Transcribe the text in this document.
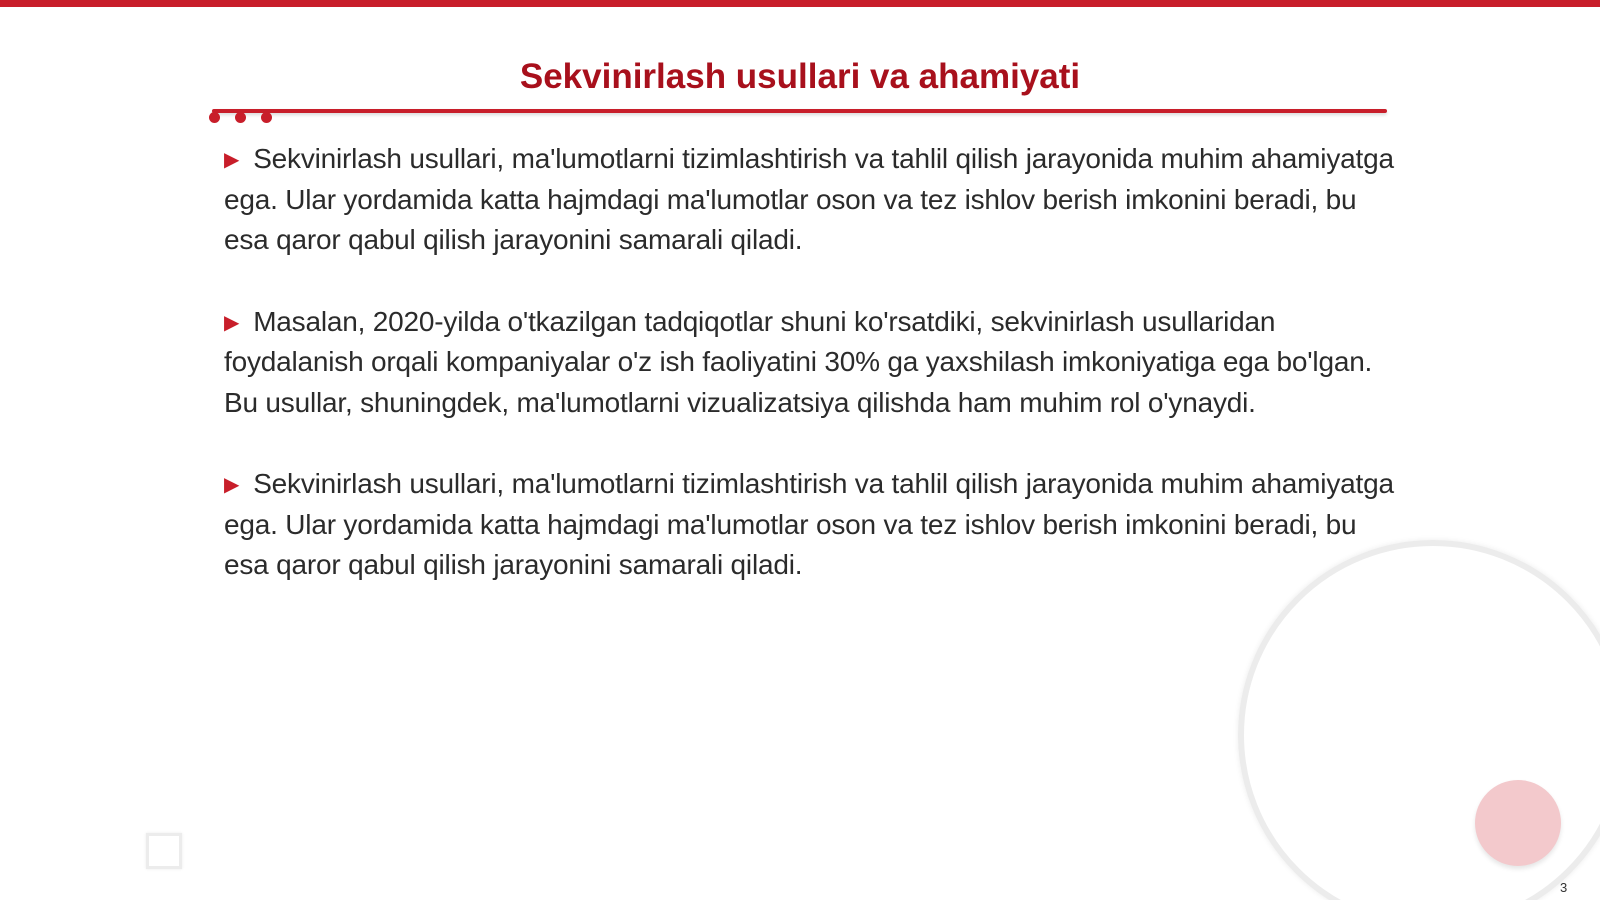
Sekvinirlash usullari va ahamiyati

▶ Sekvinirlash usullari, ma'lumotlarni tizimlashtirish va tahlil qilish jarayonida muhim ahamiyatga ega. Ular yordamida katta hajmdagi ma'lumotlar oson va tez ishlov berish imkonini beradi, bu esa qaror qabul qilish jarayonini samarali qiladi.

▶ Masalan, 2020-yilda o'tkazilgan tadqiqotlar shuni ko'rsatdiki, sekvinirlash usullaridan foydalanish orqali kompaniyalar o'z ish faoliyatini 30% ga yaxshilash imkoniyatiga ega bo'lgan. Bu usullar, shuningdek, ma'lumotlarni vizualizatsiya qilishda ham muhim rol o'ynaydi.

▶ Sekvinirlash usullari, ma'lumotlarni tizimlashtirish va tahlil qilish jarayonida muhim ahamiyatga ega. Ular yordamida katta hajmdagi ma'lumotlar oson va tez ishlov berish imkonini beradi, bu esa qaror qabul qilish jarayonini samarali qiladi.

3
